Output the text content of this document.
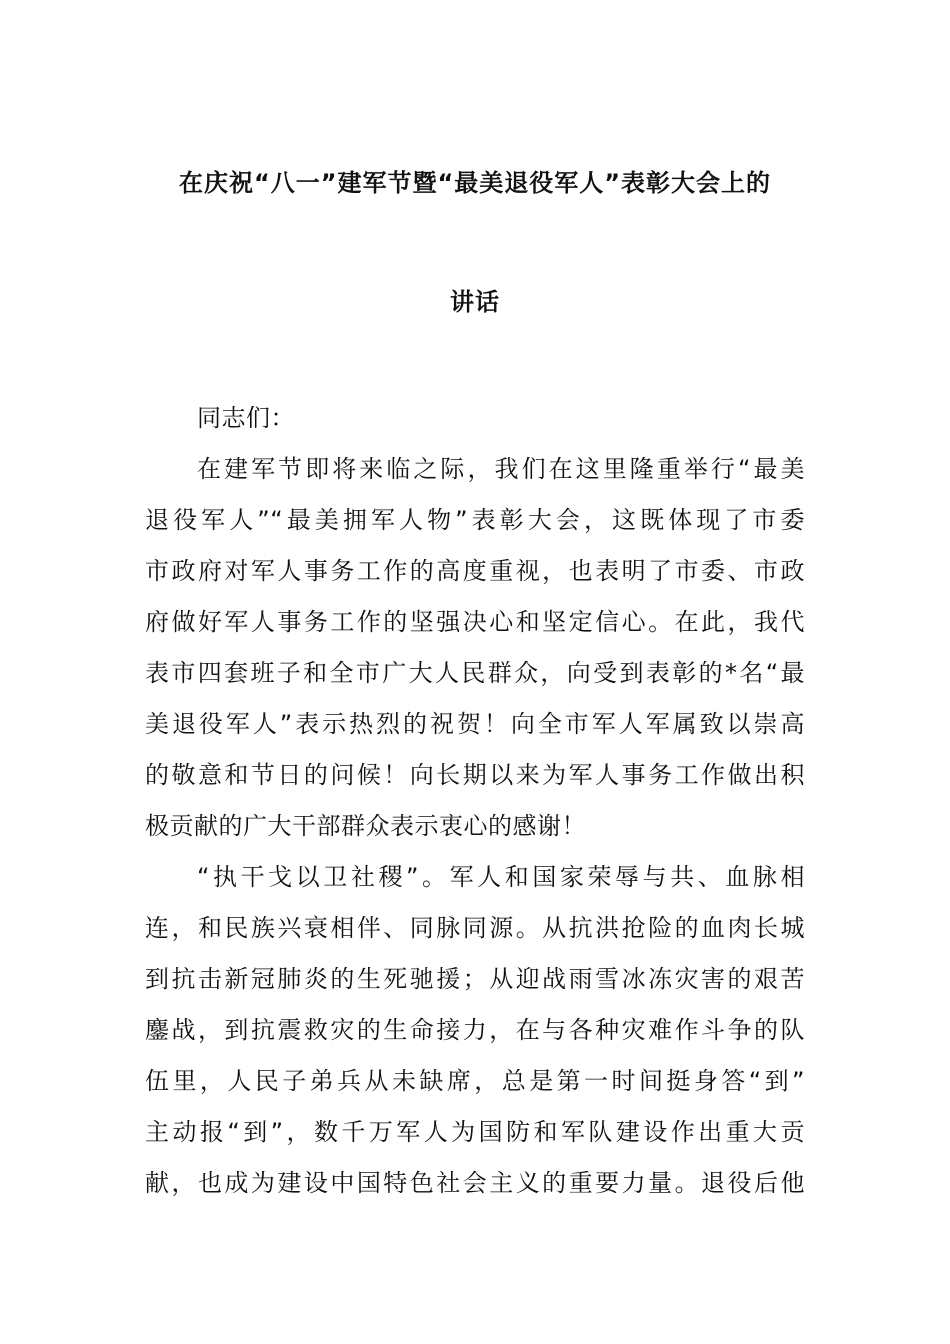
在庆祝“八一”建军节暨“最美退役军人”表彰大会上的
讲话
同志们：
在建军节即将来临之际，我们在这里隆重举行“最美
退役军人”“最美拥军人物”表彰大会，这既体现了市委
市政府对军人事务工作的高度重视，也表明了市委、市政
府做好军人事务工作的坚强决心和坚定信心。在此，我代
表市四套班子和全市广大人民群众，向受到表彰的*名“最
美退役军人”表示热烈的祝贺！向全市军人军属致以崇高
的敬意和节日的问候！向长期以来为军人事务工作做出积
极贡献的广大干部群众表示衷心的感谢！
“执干戈以卫社稷”。军人和国家荣辱与共、血脉相
连，和民族兴衰相伴、同脉同源。从抗洪抢险的血肉长城
到抗击新冠肺炎的生死驰援；从迎战雨雪冰冻灾害的艰苦
鏖战，到抗震救灾的生命接力，在与各种灾难作斗争的队
伍里，人民子弟兵从未缺席，总是第一时间挺身答“到”
主动报“到”，数千万军人为国防和军队建设作出重大贡
献，也成为建设中国特色社会主义的重要力量。退役后他
